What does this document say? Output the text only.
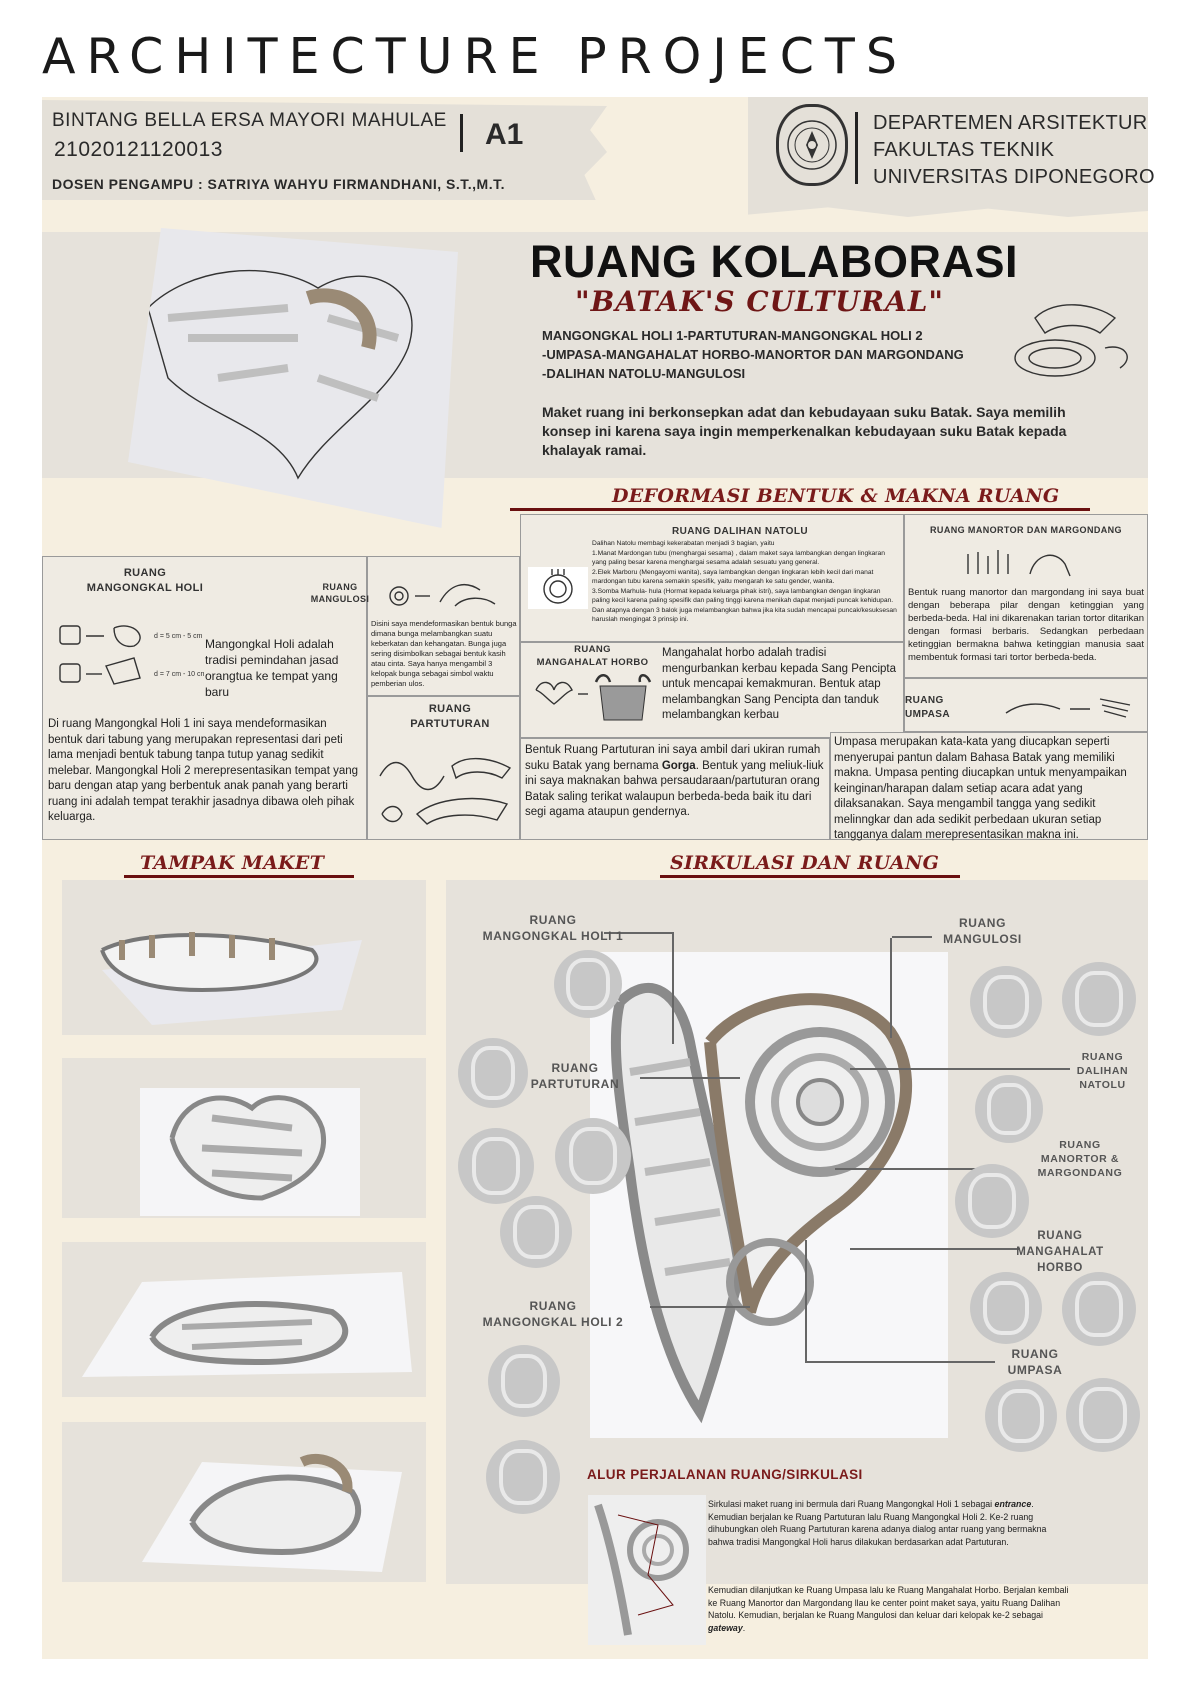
ARCHITECTURE PROJECTS
BINTANG BELLA ERSA MAYORI MAHULAE
21020121120013
DOSEN PENGAMPU : SATRIYA WAHYU FIRMANDHANI, S.T.,M.T.
A1	DEPARTEMEN ARSITEKTUR
FAKULTAS TEKNIK
UNIVERSITAS DIPONEGORO
RUANG KOLABORASI
"BATAK'S CULTURAL"
MANGONGKAL HOLI 1-PARTUTURAN-MANGONGKAL HOLI 2
-UMPASA-MANGAHALAT HORBO-MANORTOR DAN MARGONDANG
-DALIHAN NATOLU-MANGULOSI
Maket ruang ini berkonsepkan adat dan kebudayaan suku Batak. Saya memilih konsep ini karena saya ingin memperkenalkan kebudayaan suku Batak kepada khalayak ramai.
DEFORMASI BENTUK & MAKNA RUANG
RUANG
MANGONGKAL HOLI
d = 5 cm - 5 cm
d = 7 cm - 10 cm
Mangongkal Holi adalah tradisi pemindahan jasad orangtua ke tempat yang baru
Di ruang Mangongkal Holi 1 ini saya mendeformasikan bentuk dari tabung yang merupakan representasi dari peti lama menjadi bentuk tabung tanpa tutup yanag sedikit melebar. Mangongkal Holi 2 merepresentasikan tempat yang baru dengan atap yang berbentuk anak panah yang berarti ruang ini adalah tempat terakhir jasadnya dibawa oleh pihak keluarga.
RUANG
MANGULOSI
Disini saya mendeformasikan bentuk bunga dimana bunga melambangkan suatu keberkatan dan kehangatan. Bunga juga sering disimbolkan sebagai bentuk kasih atau cinta. Saya hanya mengambil 3 kelopak bunga sebagai simbol waktu pemberian ulos.
RUANG DALIHAN NATOLU
Dalihan Natolu membagi kekerabatan menjadi 3 bagian, yaitu
1.Manat Mardongan tubu (menghargai sesama) , dalam maket saya lambangkan dengan lingkaran yang paling besar karena menghargai sesama adalah sesuatu yang general.
2.Elek Marboru (Mengayomi wanita), saya lambangkan dengan lingkaran lebih kecil dari manat mardongan tubu karena semakin spesifik, yaitu mengarah ke satu gender, wanita.
3.Somba Marhula- hula (Hormat kepada keluarga pihak istri), saya lambangkan dengan lingkaran paling kecil karena paling spesifik dan paling tinggi karena menikah dapat menjadi puncak kehidupan. Dan atapnya dengan 3 balok juga melambangkan bahwa jika kita sudah mencapai puncak/kesuksesan haruslah mengingat 3 prinsip ini.
RUANG MANORTOR DAN MARGONDANG
Bentuk ruang manortor dan margondang ini saya buat dengan beberapa pilar dengan ketinggian yang berbeda-beda. Hal ini dikarenakan tarian tortor ditarikan dengan formasi berbaris. Sedangkan perbedaan ketinggian bermakna bahwa ketinggian manusia saat membentuk formasi tari tortor berbeda-beda.
RUANG
MANGAHALAT HORBO
Mangahalat horbo adalah tradisi mengurbankan kerbau kepada Sang Pencipta untuk mencapai kemakmuran. Bentuk atap melambangkan Sang Pencipta dan tanduk melambangkan kerbau
RUANG
PARTUTURAN
Bentuk Ruang Partuturan ini saya ambil dari ukiran rumah suku Batak yang bernama Gorga. Bentuk yang meliuk-liuk ini saya maknakan bahwa persaudaraan/partuturan orang Batak saling terikat walaupun berbeda-beda baik itu dari segi agama ataupun gendernya.
RUANG
UMPASA
Umpasa merupakan kata-kata yang diucapkan seperti menyerupai pantun dalam Bahasa Batak yang memiliki makna. Umpasa penting diucapkan untuk menyampaikan keinginan/harapan dalam setiap acara adat yang dilaksanakan. Saya mengambil tangga yang sedikit melinngkar dan ada sedikit perbedaan ukuran setiap tangganya dalam merepresentasikan makna ini.
TAMPAK MAKET	SIRKULASI DAN RUANG
RUANG
MANGONGKAL HOLI 1
RUANG
PARTUTURAN
RUANG
MANGONGKAL HOLI 2
RUANG
MANGULOSI
RUANG
DALIHAN
NATOLU
RUANG
MANORTOR &
MARGONDANG
RUANG
MANGAHALAT
HORBO
RUANG
UMPASA
ALUR PERJALANAN RUANG/SIRKULASI
Sirkulasi maket ruang ini bermula dari Ruang Mangongkal Holi 1 sebagai entrance. Kemudian berjalan ke Ruang Partuturan lalu Ruang Mangongkal Holi 2. Ke-2 ruang dihubungkan oleh Ruang Partuturan karena adanya dialog antar ruang yang bermakna bahwa tradisi Mangongkal Holi harus dilakukan berdasarkan adat Partuturan.
Kemudian dilanjutkan ke Ruang Umpasa lalu ke Ruang Mangahalat Horbo. Berjalan kembali ke Ruang Manortor dan Margondang llau ke center point maket saya, yaitu Ruang Dalihan Natolu. Kemudian, berjalan ke Ruang Mangulosi dan keluar dari kelopak ke-2 sebagai gateway.
